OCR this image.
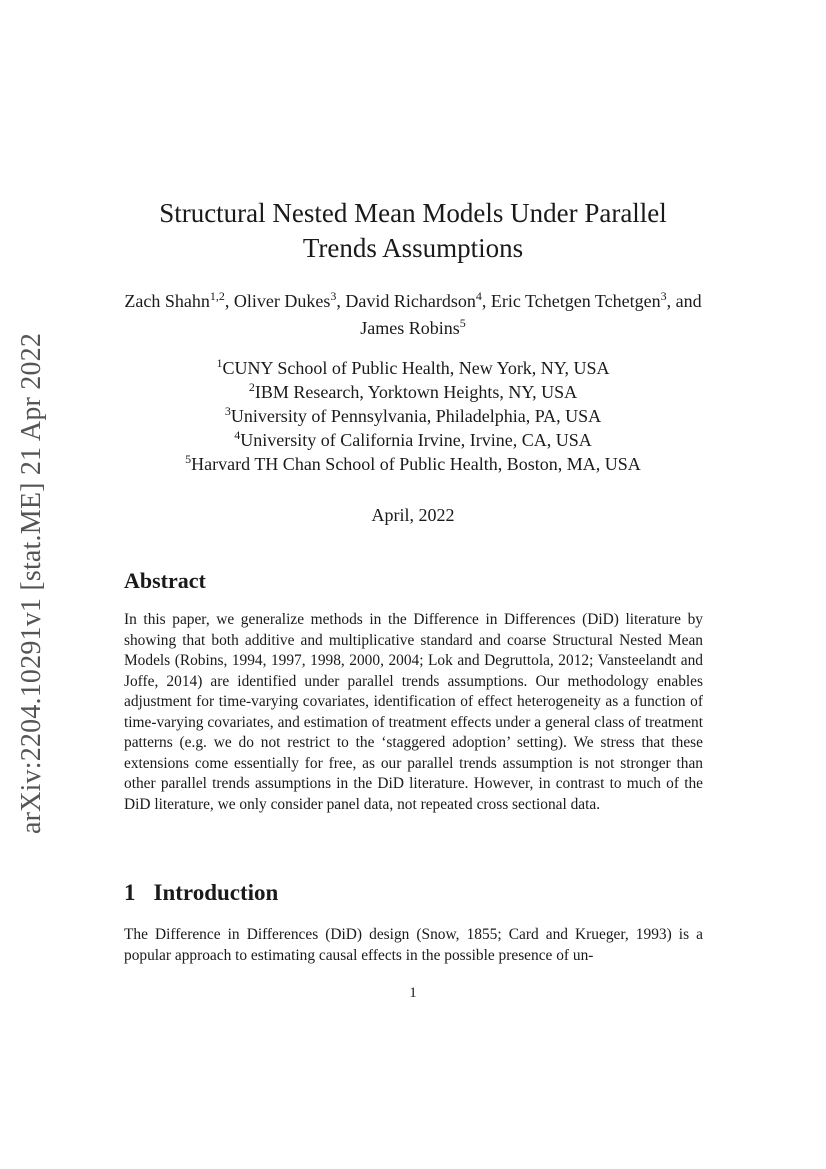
arXiv:2204.10291v1 [stat.ME] 21 Apr 2022
Structural Nested Mean Models Under Parallel
Trends Assumptions
Zach Shahn$^{1,2}$, Oliver Dukes$^3$, David Richardson$^4$, Eric Tchetgen Tchetgen$^3$, and James Robins$^5$
$^1$CUNY School of Public Health, New York, NY, USA
$^2$IBM Research, Yorktown Heights, NY, USA
$^3$University of Pennsylvania, Philadelphia, PA, USA
$^4$University of California Irvine, Irvine, CA, USA
$^5$Harvard TH Chan School of Public Health, Boston, MA, USA
April, 2022
Abstract

In this paper, we generalize methods in the Difference in Differences (DiD) literature by showing that both additive and multiplicative standard and coarse Structural Nested Mean Models (Robins, 1994, 1997, 1998, 2000, 2004; Lok and Degruttola, 2012; Vansteelandt and Joffe, 2014) are identified under parallel trends assumptions. Our methodology enables adjustment for time-varying covariates, identification of effect heterogeneity as a function of time-varying covariates, and estimation of treatment effects under a general class of treatment patterns (e.g. we do not restrict to the ‘staggered adoption’ setting). We stress that these extensions come essentially for free, as our parallel trends assumption is not stronger than other parallel trends assumptions in the DiD literature. However, in contrast to much of the DiD literature, we only consider panel data, not repeated cross sectional data.

1 Introduction

The Difference in Differences (DiD) design (Snow, 1855; Card and Krueger, 1993) is a popular approach to estimating causal effects in the possible presence of un-

1
